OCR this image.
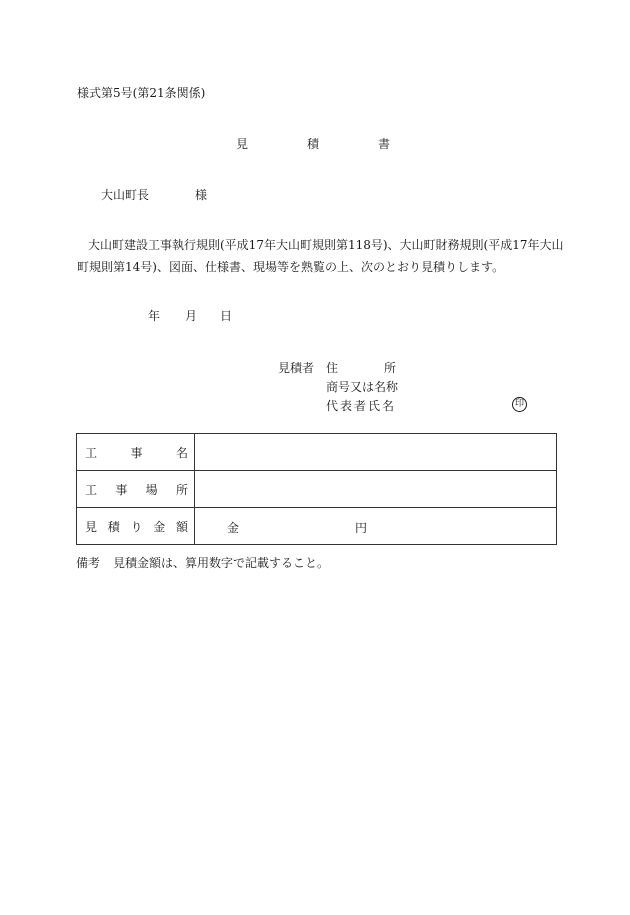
様式第5号(第21条関係)
見	積	書
大山町長	様
大山町建設工事執行規則(平成17年大山町規則第118号)、大山町財務規則(平成17年大山
町規則第14号)、図面、仕様書、現場等を熟覧の上、次のとおり見積りします。
年 月 日
見積者 住	所
商号又は名称
代表者氏名	印
工 事 名	

工 事 場 所	

見 積 り 金 額	金 円
備考 見積金額は、算用数字で記載すること。
